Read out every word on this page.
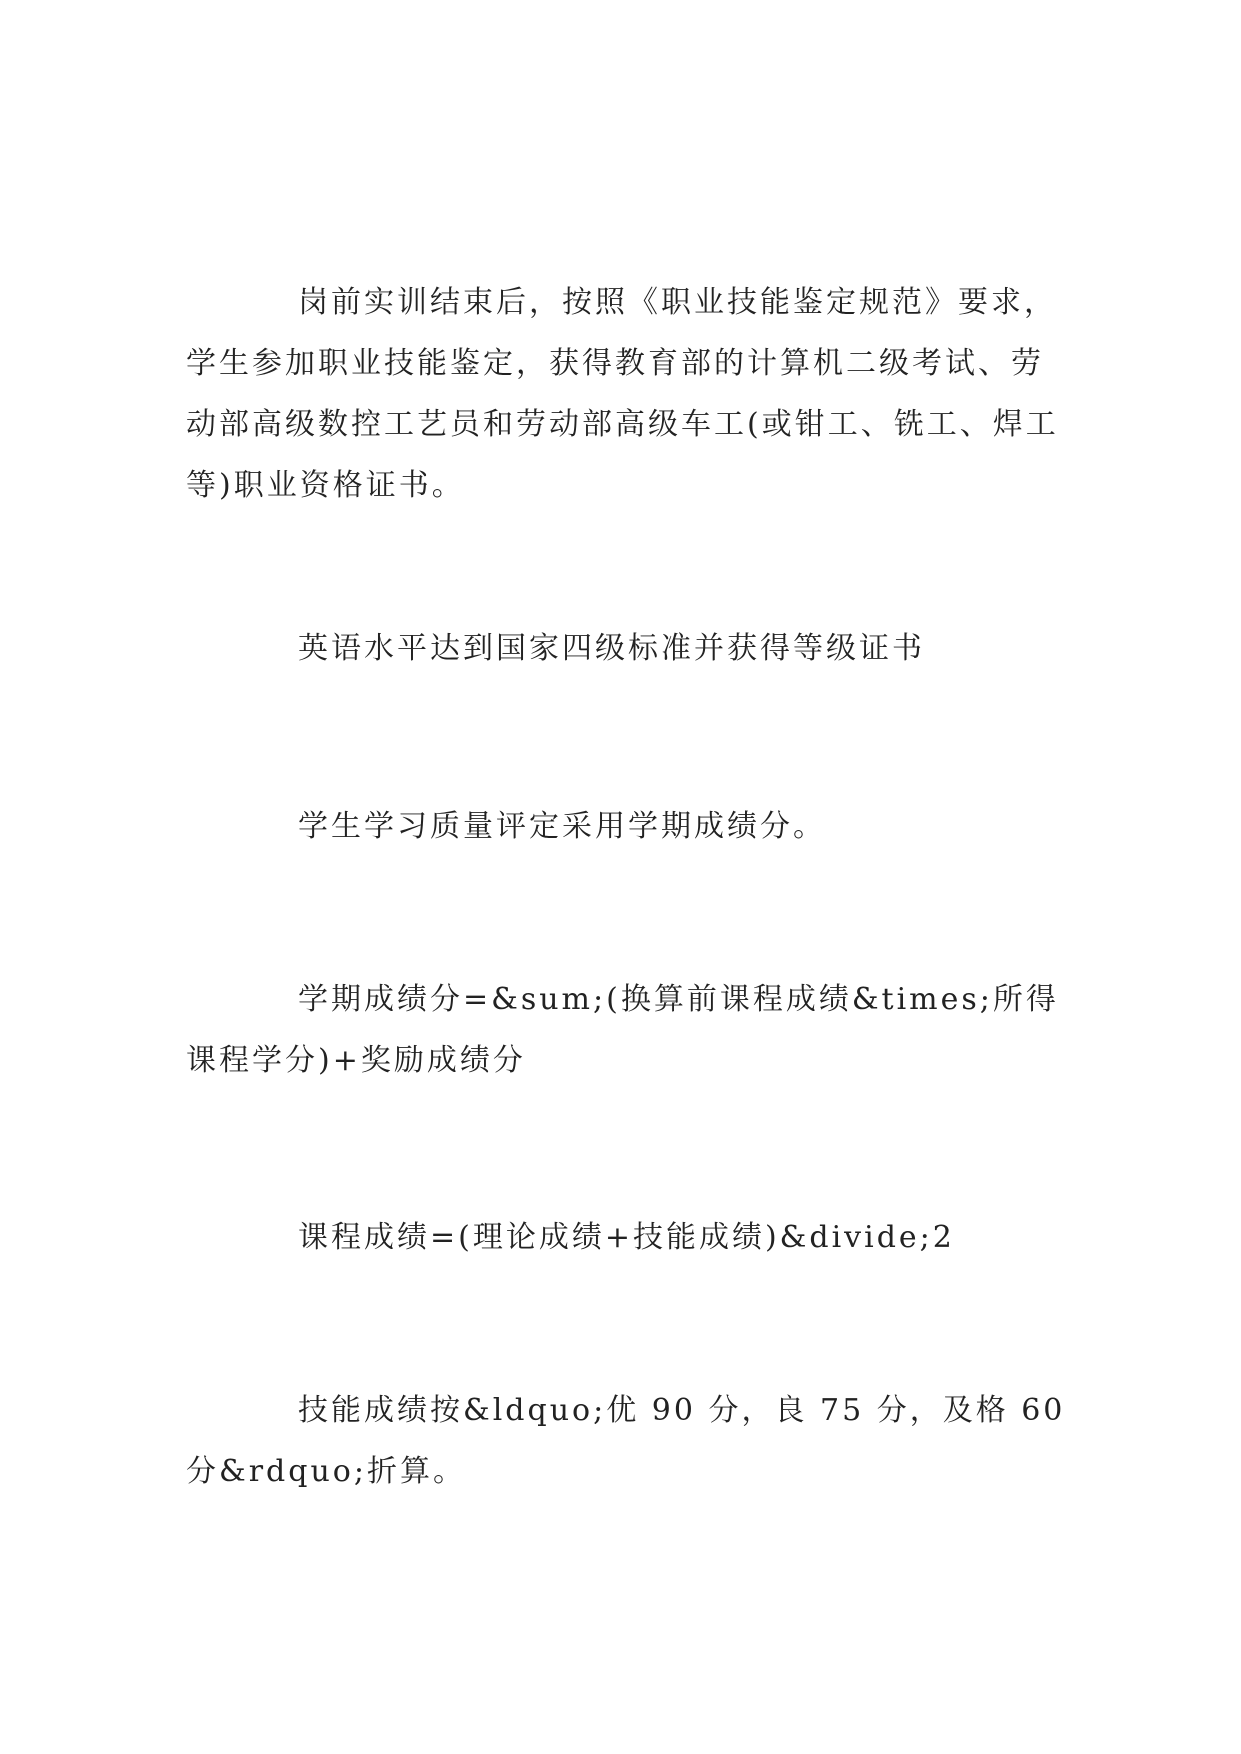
岗前实训结束后，按照《职业技能鉴定规范》要求，学生参加职业技能鉴定，获得教育部的计算机二级考试、劳动部高级数控工艺员和劳动部高级车工(或钳工、铣工、焊工等)职业资格证书。

英语水平达到国家四级标准并获得等级证书

学生学习质量评定采用学期成绩分。

学期成绩分=&sum;(换算前课程成绩&times;所得课程学分)+奖励成绩分

课程成绩=(理论成绩+技能成绩)&divide;2

技能成绩按&ldquo;优 90 分，良 75 分，及格 60 分&rdquo;折算。
